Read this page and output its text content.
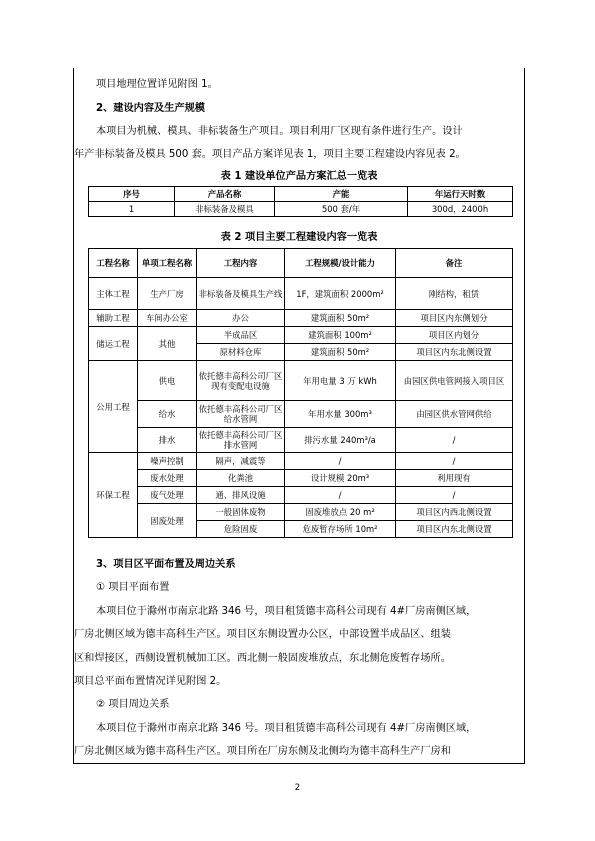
项目地理位置详见附图 1。
2、建设内容及生产规模
本项目为机械、模具、非标装备生产项目。项目利用厂区现有条件进行生产。设计
年产非标装备及模具 500 套。项目产品方案详见表 1，项目主要工程建设内容见表 2。
表 1 建设单位产品方案汇总一览表
序号	产品名称	产能	年运行天时数
1	非标装备及模具	500 套/年	300d，2400h
表 2 项目主要工程建设内容一览表
工程名称	单项工程名称	工程内容	工程规模/设计能力	备注
主体工程	生产厂房	非标装备及模具生产线	1F，建筑面积 2000m²	刚结构，租赁
辅助工程	车间办公室	办公	建筑面积 50m²	项目区内东侧划分
储运工程	其他	半成品区	建筑面积 100m²	项目区内划分
		原材料仓库	建筑面积 50m²	项目区内东北侧设置
公用工程	供电	依托德丰高科公司厂区现有变配电设施	年用电量 3 万 kWh	由园区供电管网接入项目区
	给水	依托德丰高科公司厂区给水管网	年用水量 300m³	由园区供水管网供给
	排水	依托德丰高科公司厂区排水管网	排污水量 240m³/a	/
环保工程	噪声控制	隔声，减震等	/	/
	废水处理	化粪池	设计规模 20m³	利用现有
	废气处理	通、排风设施	/	/
	固废处理	一般固体废物	固废堆放点 20 m²	项目区内西北侧设置
		危险固废	危废暂存场所 10m²	项目区内东北侧设置
3、项目区平面布置及周边关系
① 项目平面布置
本项目位于滁州市南京北路 346 号，项目租赁德丰高科公司现有 4#厂房南侧区域，
厂房北侧区域为德丰高科生产区。项目区东侧设置办公区，中部设置半成品区、组装
区和焊接区，西侧设置机械加工区。西北侧一般固废堆放点，东北侧危废暂存场所。
项目总平面布置情况详见附图 2。
② 项目周边关系
本项目位于滁州市南京北路 346 号。项目租赁德丰高科公司现有 4#厂房南侧区域，
厂房北侧区域为德丰高科生产区。项目所在厂房东侧及北侧均为德丰高科生产厂房和
2
